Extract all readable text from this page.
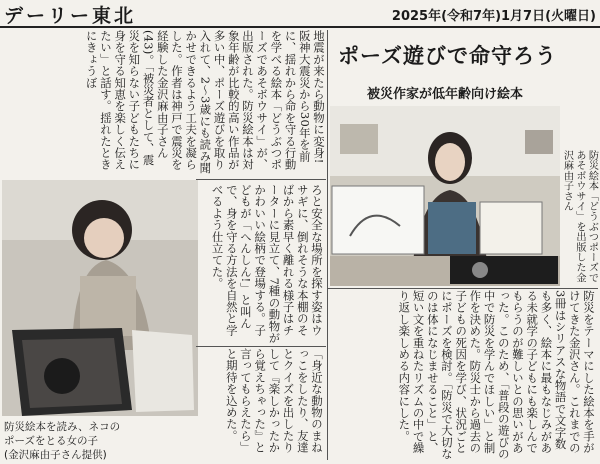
デーリー東北	2025年(令和7年)1月7日(火曜日)
ポーズ遊びで命守ろう
被災作家が低年齢向け絵本
防災絵本「どうぶつポーズで
あそボウサイ」を出版した金
沢麻由子さん
防災絵本を読み、ネコの
ポーズをとる女の子
(金沢麻由子さん提供)
地震が来たら動物に変身!阪神大震災から30年を前に、揺れから命を守る行動を学べる絵本「どうぶつポーズであそボウサイ」が、出版された。防災絵本は対象年齢が比較的高い作品が多い中、ポーズ遊びを取り入れて、2〜3歳にも読み聞かせできるよう工夫を凝らした。作者は神戸で震災を経験した金沢麻由子さん(43)。「被災者として、震災を知らない子どもたちに身を守る知恵を楽しく伝えたい」と話す。揺れたときにきょうぼ
ろと安全な場所を探す姿はウサギに、倒れそうな本棚のそばから素早く離れる様子はチーターに見立て、7種の動物がかわいい絵柄で登場する。子どもが「へんしん!」と叫んで、身を守る方法を自然と学べるよう仕立てた。
防災をテーマにした絵本を手がけてきた金沢さん。これまでの3冊はシリアスな物語で文字数も多く、絵本に最もなじみがある未就学の子どもにも楽しんでもらうのが難しいとの思いがあった。このため、「普段の遊びの中で防災を学んでほしい」と制作を決めた。防災士から過去の子どもの死因を学び、状況ごとにポーズを検討。「防災で大切なのは体になじませること」と、短い文を重ねたリズムの中で繰り返し楽しめる内容にした。
「身近な動物のまねっこをしたり、友達とクイズを出したりして『楽しかったから覚えちゃった』と言ってもらえたら」と期待を込めた。
